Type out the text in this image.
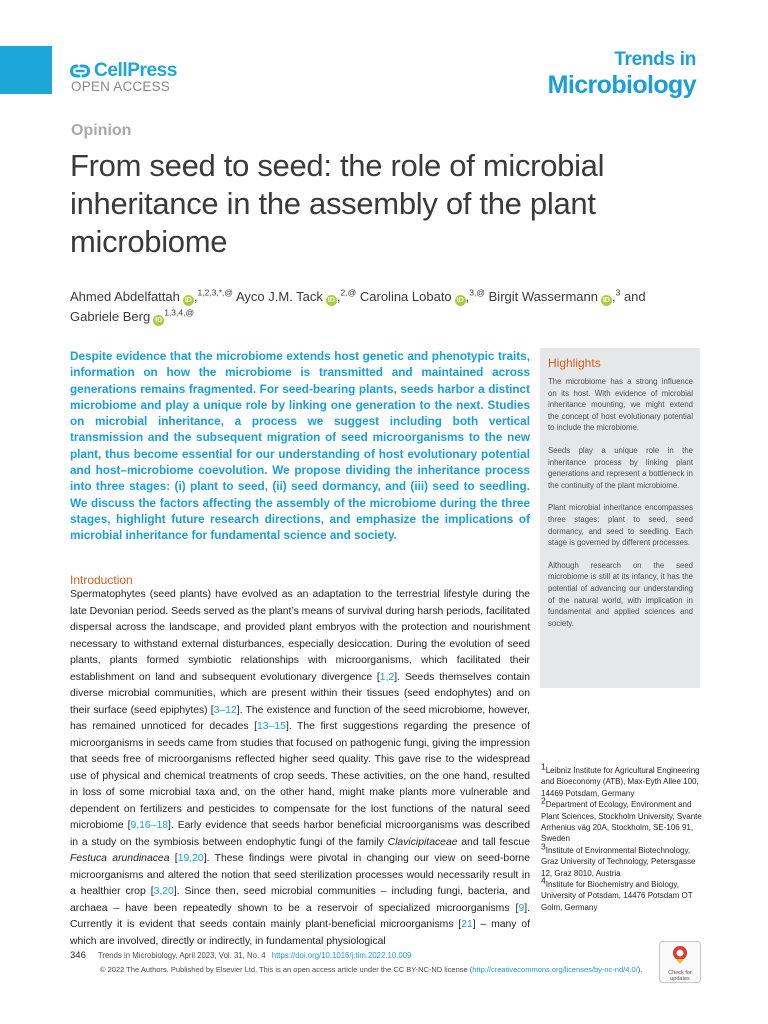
CellPress
OPEN ACCESS
Trends in
Microbiology
Opinion
From seed to seed: the role of microbial inheritance in the assembly of the plant microbiome
Ahmed Abdelfattah ID ,$^{1,2,3,*,@}$ Ayco J.M. Tack ID ,$^{2,@}$ Carolina Lobato ID ,$^{3,@}$ Birgit Wassermann ID ,$^3$ and Gabriele Berg $ID^{1,3,4,@}$

Despite evidence that the microbiome extends host genetic and phenotypic traits, information on how the microbiome is transmitted and maintained across generations remains fragmented. For seed-bearing plants, seeds harbor a distinct microbiome and play a unique role by linking one generation to the next. Studies on microbial inheritance, a process we suggest including both vertical transmission and the subsequent migration of seed microorganisms to the new plant, thus become essential for our understanding of host evolutionary potential and host–microbiome coevolution. We propose dividing the inheritance process into three stages: (i) plant to seed, (ii) seed dormancy, and (iii) seed to seedling. We discuss the factors affecting the assembly of the microbiome during the three stages, highlight future research directions, and emphasize the implications of microbial inheritance for fundamental science and society.

Introduction

Spermatophytes (seed plants) have evolved as an adaptation to the terrestrial lifestyle during the late Devonian period. Seeds served as the plant’s means of survival during harsh periods, facilitated dispersal across the landscape, and provided plant embryos with the protection and nourishment necessary to withstand external disturbances, especially desiccation. During the evolution of seed plants, plants formed symbiotic relationships with microorganisms, which facilitated their establishment on land and subsequent evolutionary divergence [1,2]. Seeds themselves contain diverse microbial communities, which are present within their tissues (seed endophytes) and on their surface (seed epiphytes) [3–12]. The existence and function of the seed microbiome, however, has remained unnoticed for decades [13–15]. The first suggestions regarding the presence of microorganisms in seeds came from studies that focused on pathogenic fungi, giving the impression that seeds free of microorganisms reflected higher seed quality. This gave rise to the widespread use of physical and chemical treatments of crop seeds. These activities, on the one hand, resulted in loss of some microbial taxa and, on the other hand, might make plants more vulnerable and dependent on fertilizers and pesticides to compensate for the lost functions of the natural seed microbiome [9,16–18]. Early evidence that seeds harbor beneficial microorganisms was described in a study on the symbiosis between endophytic fungi of the family Clavicipitaceae and tall fescue Festuca arundinacea [19,20]. These findings were pivotal in changing our view on seed-borne microorganisms and altered the notion that seed sterilization processes would necessarily result in a healthier crop [3,20]. Since then, seed microbial communities – including fungi, bacteria, and archaea – have been repeatedly shown to be a reservoir of specialized microorganisms [9]. Currently it is evident that seeds contain mainly plant-beneficial microorganisms [21] – many of which are involved, directly or indirectly, in fundamental physiological

Highlights

The microbiome has a strong influence on its host. With evidence of microbial inheritance mounting, we might extend the concept of host evolutionary potential to include the microbiome.

Seeds play a unique role in the inheritance process by linking plant generations and represent a bottleneck in the continuity of the plant microbiome.

Plant microbial inheritance encompasses three stages: plant to seed, seed dormancy, and seed to seedling. Each stage is governed by different processes.

Although research on the seed microbiome is still at its infancy, it has the potential of advancing our understanding of the natural world, with implication in fundamental and applied sciences and society.

$^1$Leibniz Institute for Agricultural Engineering and Bioeconomy (ATB), Max-Eyth Allee 100, 14469 Potsdam, Germany
$^2$Department of Ecology, Environment and Plant Sciences, Stockholm University, Svante Arrhenius väg 20A, Stockholm, SE-106 91, Sweden
$^3$Institute of Environmental Biotechnology, Graz University of Technology, Petersgasse 12, Graz 8010, Austria
$^4$Institute for Biochemistry and Biology, University of Potsdam, 14476 Potsdam OT Golm, Germany
346 Trends in Microbiology, April 2023, Vol. 31, No. 4 https://doi.org/10.1016/j.tim.2022.10.009
© 2022 The Authors. Published by Elsevier Ltd. This is an open access article under the CC BY-NC-ND license (http://creativecommons.org/licenses/by-nc-nd/4.0/).	Check for updates
